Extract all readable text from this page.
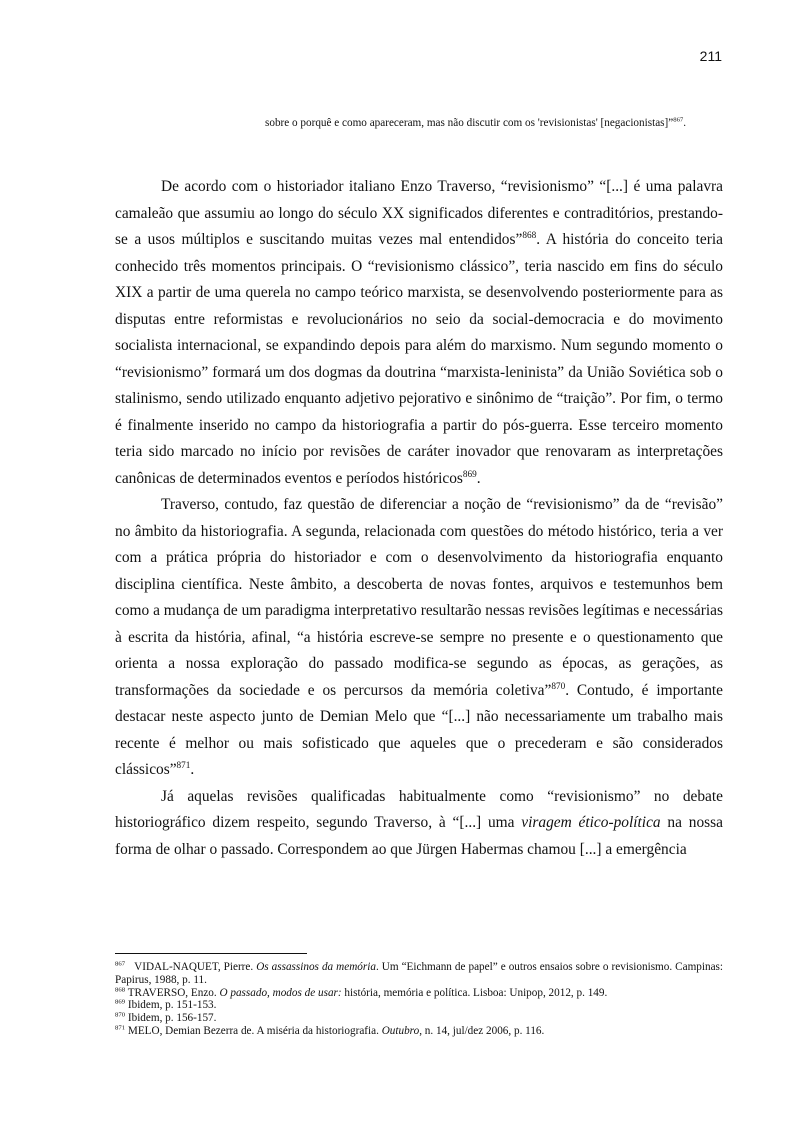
211
sobre o porquê e como apareceram, mas não discutir com os 'revisionistas' [negacionistas]”$^{867}$.

De acordo com o historiador italiano Enzo Traverso, “revisionismo” “[...] é uma palavra camaleão que assumiu ao longo do século XX significados diferentes e contraditórios, prestando-se a usos múltiplos e suscitando muitas vezes mal entendidos”$^{868}$. A história do conceito teria conhecido três momentos principais. O “revisionismo clássico”, teria nascido em fins do século XIX a partir de uma querela no campo teórico marxista, se desenvolvendo posteriormente para as disputas entre reformistas e revolucionários no seio da social-democracia e do movimento socialista internacional, se expandindo depois para além do marxismo. Num segundo momento o “revisionismo” formará um dos dogmas da doutrina “marxista-leninista” da União Soviética sob o stalinismo, sendo utilizado enquanto adjetivo pejorativo e sinônimo de “traição”. Por fim, o termo é finalmente inserido no campo da historiografia a partir do pós-guerra. Esse terceiro momento teria sido marcado no início por revisões de caráter inovador que renovaram as interpretações canônicas de determinados eventos e períodos históricos$^{869}$.

Traverso, contudo, faz questão de diferenciar a noção de “revisionismo” da de “revisão” no âmbito da historiografia. A segunda, relacionada com questões do método histórico, teria a ver com a prática própria do historiador e com o desenvolvimento da historiografia enquanto disciplina científica. Neste âmbito, a descoberta de novas fontes, arquivos e testemunhos bem como a mudança de um paradigma interpretativo resultarão nessas revisões legítimas e necessárias à escrita da história, afinal, “a história escreve-se sempre no presente e o questionamento que orienta a nossa exploração do passado modifica-se segundo as épocas, as gerações, as transformações da sociedade e os percursos da memória coletiva”$^{870}$. Contudo, é importante destacar neste aspecto junto de Demian Melo que “[...] não necessariamente um trabalho mais recente é melhor ou mais sofisticado que aqueles que o precederam e são considerados clássicos”$^{871}$.

Já aquelas revisões qualificadas habitualmente como “revisionismo” no debate historiográfico dizem respeito, segundo Traverso, à “[...] uma viragem ético-política na nossa forma de olhar o passado. Correspondem ao que Jürgen Habermas chamou [...] a emergência

$^{867}$ VIDAL-NAQUET, Pierre. Os assassinos da memória. Um “Eichmann de papel” e outros ensaios sobre o revisionismo. Campinas: Papirus, 1988, p. 11.

$^{868}$ TRAVERSO, Enzo. O passado, modos de usar: história, memória e política. Lisboa: Unipop, 2012, p. 149.

$^{869}$ Ibidem, p. 151-153.

$^{870}$ Ibidem, p. 156-157.

$^{871}$ MELO, Demian Bezerra de. A miséria da historiografia. Outubro, n. 14, jul/dez 2006, p. 116.
